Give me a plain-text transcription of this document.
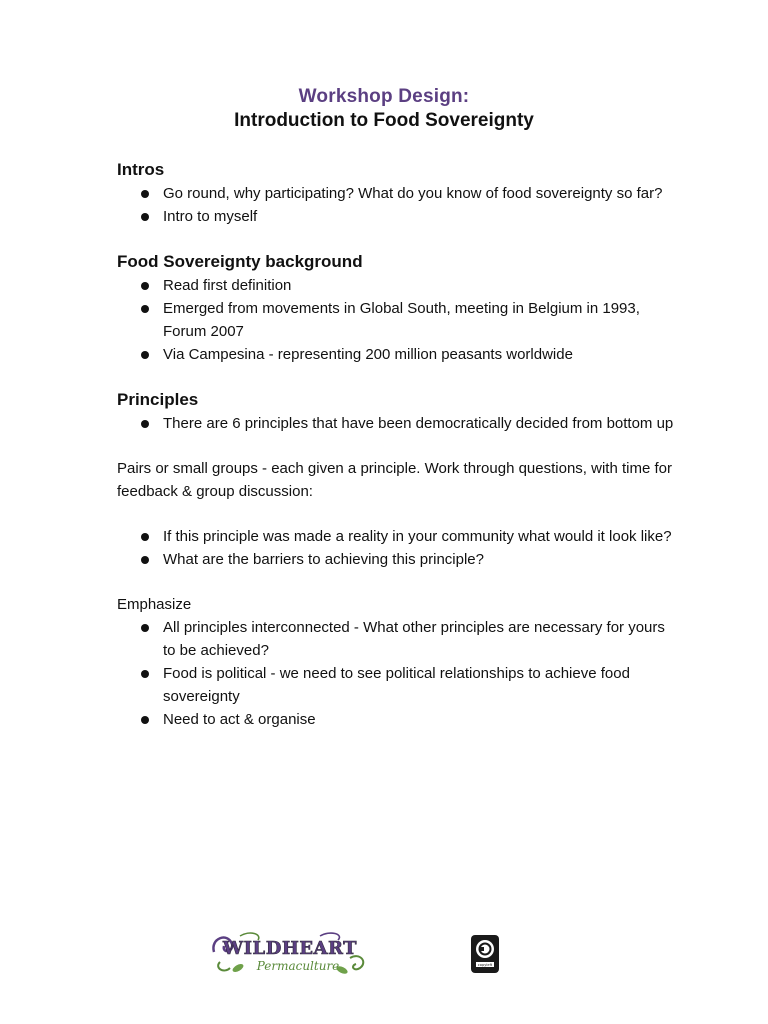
Workshop Design:
Introduction to Food Sovereignty

Intros

Go round, why participating? What do you know of food sovereignty so far?
Intro to myself

Food Sovereignty background

Read first definition
Emerged from movements in Global South, meeting in Belgium in 1993, Forum 2007
Via Campesina - representing 200 million peasants worldwide

Principles

There are 6 principles that have been democratically decided from bottom up

Pairs or small groups - each given a principle. Work through questions, with time for feedback & group discussion:

If this principle was made a reality in your community what would it look like?
What are the barriers to achieving this principle?

Emphasize

All principles interconnected - What other principles are necessary for yours to be achieved?
Food is political - we need to see political relationships to achieve food sovereignty
Need to act & organise
WILDHEART
Permaculture	copyleft
